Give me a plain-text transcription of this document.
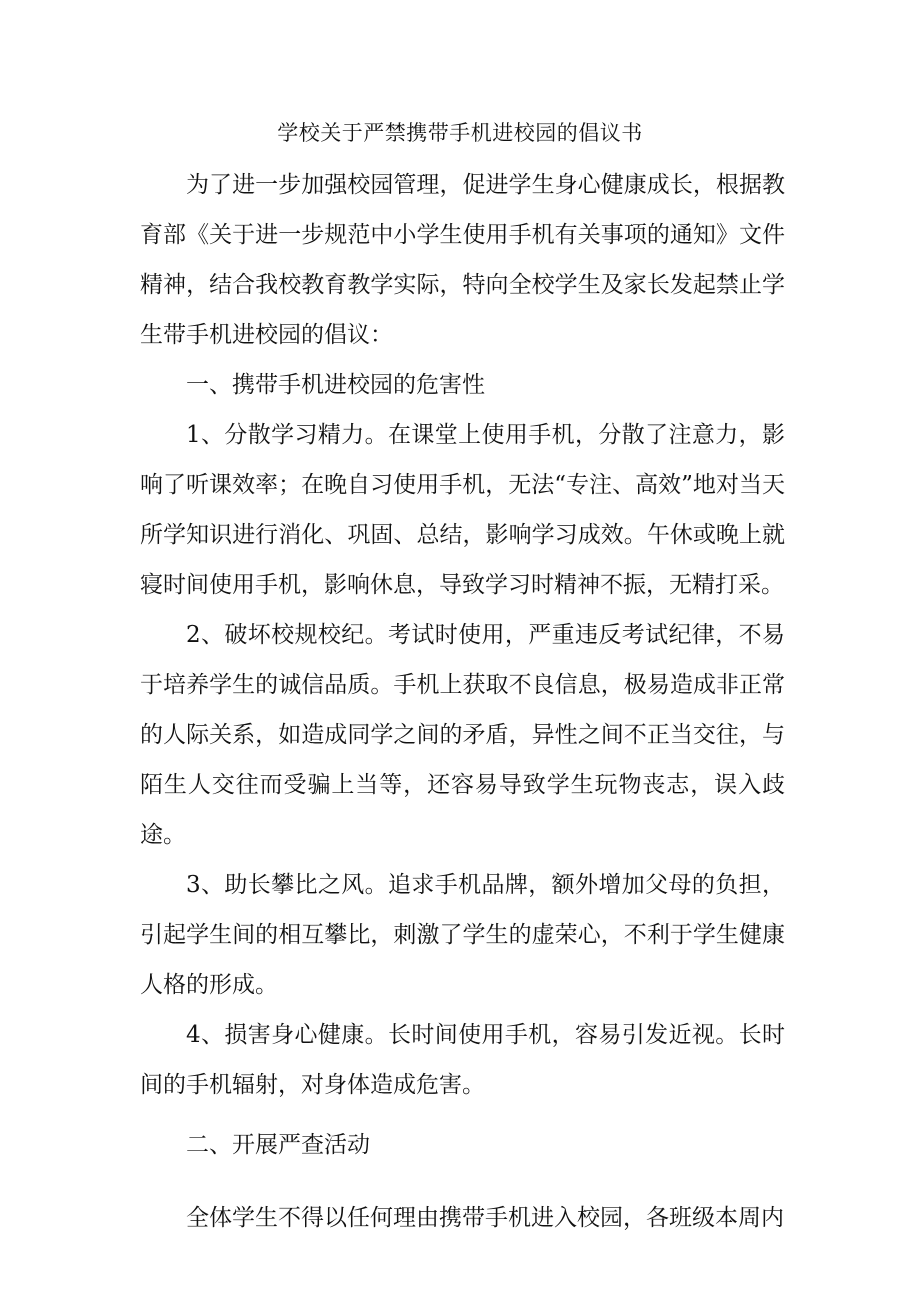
学校关于严禁携带手机进校园的倡议书

为了进一步加强校园管理，促进学生身心健康成长，根据教育部《关于进一步规范中小学生使用手机有关事项的通知》文件精神，结合我校教育教学实际，特向全校学生及家长发起禁止学生带手机进校园的倡议：

一、携带手机进校园的危害性

1、分散学习精力。在课堂上使用手机，分散了注意力，影响了听课效率；在晚自习使用手机，无法“专注、高效”地对当天所学知识进行消化、巩固、总结，影响学习成效。午休或晚上就寝时间使用手机，影响休息，导致学习时精神不振，无精打采。

2、破坏校规校纪。考试时使用，严重违反考试纪律，不易于培养学生的诚信品质。手机上获取不良信息，极易造成非正常的人际关系，如造成同学之间的矛盾，异性之间不正当交往，与陌生人交往而受骗上当等，还容易导致学生玩物丧志，误入歧途。

3、助长攀比之风。追求手机品牌，额外增加父母的负担，引起学生间的相互攀比，刺激了学生的虚荣心，不利于学生健康人格的形成。

4、损害身心健康。长时间使用手机，容易引发近视。长时间的手机辐射，对身体造成危害。

二、开展严查活动

全体学生不得以任何理由携带手机进入校园，各班级本周内
